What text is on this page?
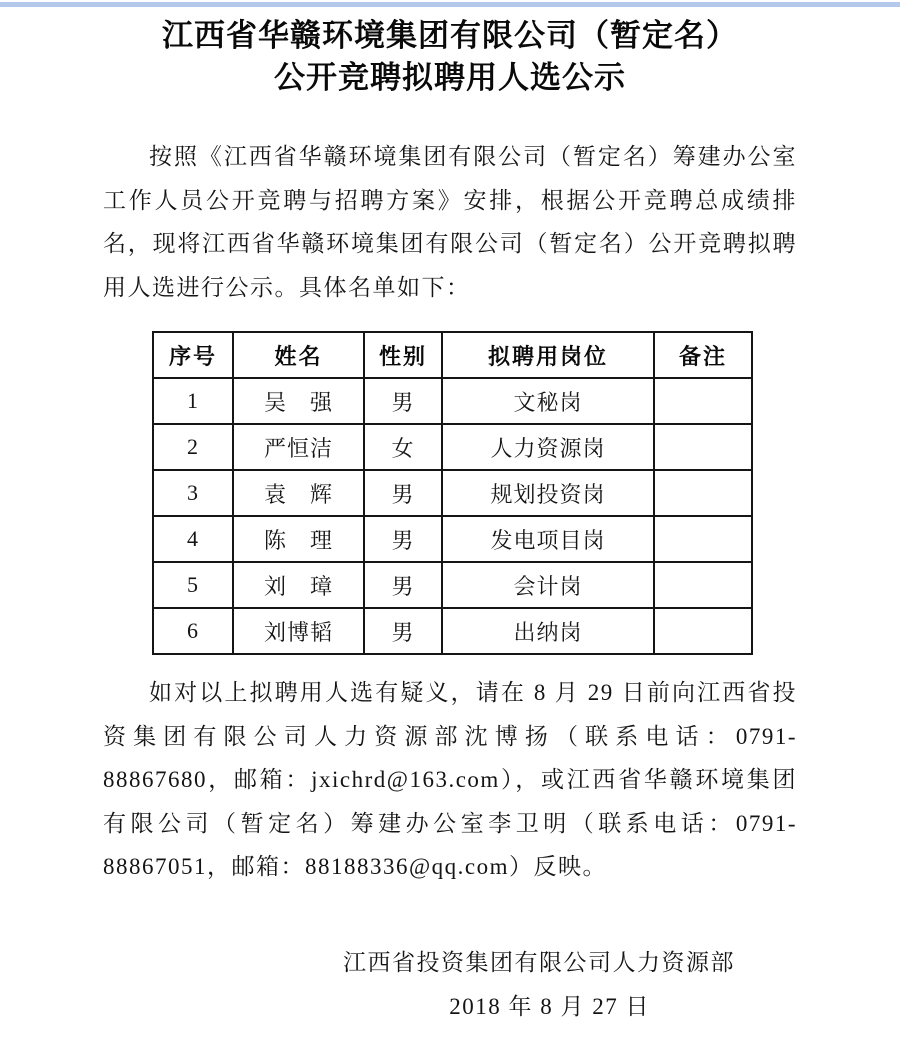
江西省华赣环境集团有限公司（暂定名）
公开竞聘拟聘用人选公示

按照《江西省华赣环境集团有限公司（暂定名）筹建办公室工作人员公开竞聘与招聘方案》安排，根据公开竞聘总成绩排名，现将江西省华赣环境集团有限公司（暂定名）公开竞聘拟聘用人选进行公示。具体名单如下：

序号	姓名	性别	拟聘用岗位	备注
1	吴　强	男	文秘岗	
2	严恒洁	女	人力资源岗	
3	袁　辉	男	规划投资岗	
4	陈　理	男	发电项目岗	
5	刘　璋	男	会计岗	
6	刘博韬	男	出纳岗	

如对以上拟聘用人选有疑义，请在 8 月 29 日前向江西省投资集团有限公司人力资源部沈博扬（联系电话：0791-88867680，邮箱：jxichrd@163.com），或江西省华赣环境集团有限公司（暂定名）筹建办公室李卫明（联系电话：0791-88867051，邮箱：88188336@qq.com）反映。

江西省投资集团有限公司人力资源部
2018 年 8 月 27 日
